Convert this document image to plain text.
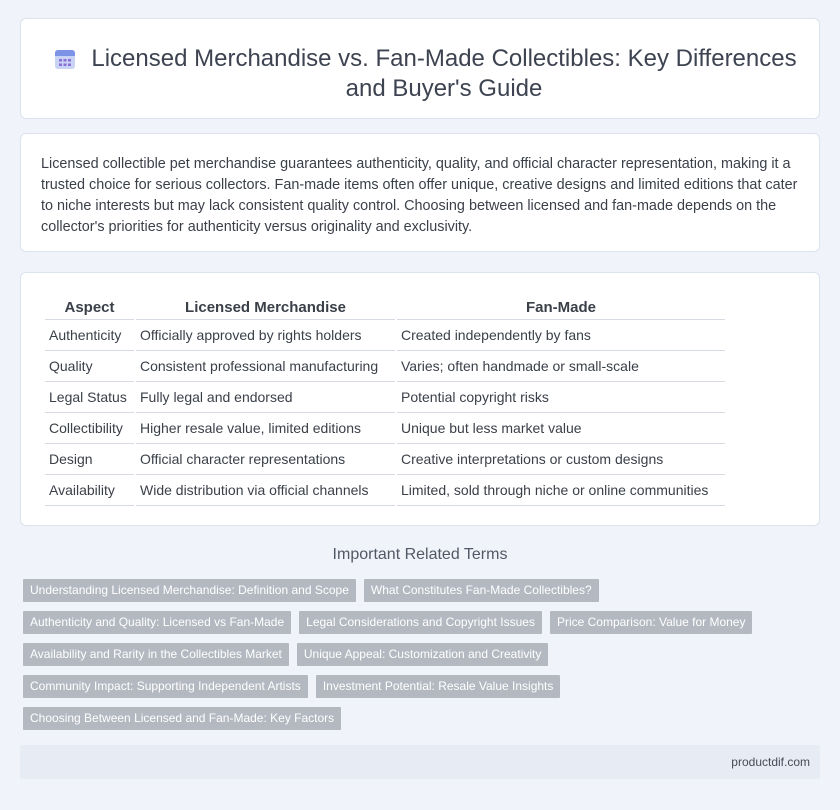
Licensed Merchandise vs. Fan-Made Collectibles: Key Differences and Buyer's Guide

Licensed collectible pet merchandise guarantees authenticity, quality, and official character representation, making it a trusted choice for serious collectors. Fan-made items often offer unique, creative designs and limited editions that cater to niche interests but may lack consistent quality control. Choosing between licensed and fan-made depends on the collector's priorities for authenticity versus originality and exclusivity.

Aspect	Licensed Merchandise	Fan-Made
Authenticity	Officially approved by rights holders	Created independently by fans
Quality	Consistent professional manufacturing	Varies; often handmade or small-scale
Legal Status	Fully legal and endorsed	Potential copyright risks
Collectibility	Higher resale value, limited editions	Unique but less market value
Design	Official character representations	Creative interpretations or custom designs
Availability	Wide distribution via official channels	Limited, sold through niche or online communities
Important Related Terms
Understanding Licensed Merchandise: Definition and Scope	What Constitutes Fan-Made Collectibles?
Authenticity and Quality: Licensed vs Fan-Made	Legal Considerations and Copyright Issues	Price Comparison: Value for Money
Availability and Rarity in the Collectibles Market	Unique Appeal: Customization and Creativity
Community Impact: Supporting Independent Artists	Investment Potential: Resale Value Insights
Choosing Between Licensed and Fan-Made: Key Factors
productdif.com
